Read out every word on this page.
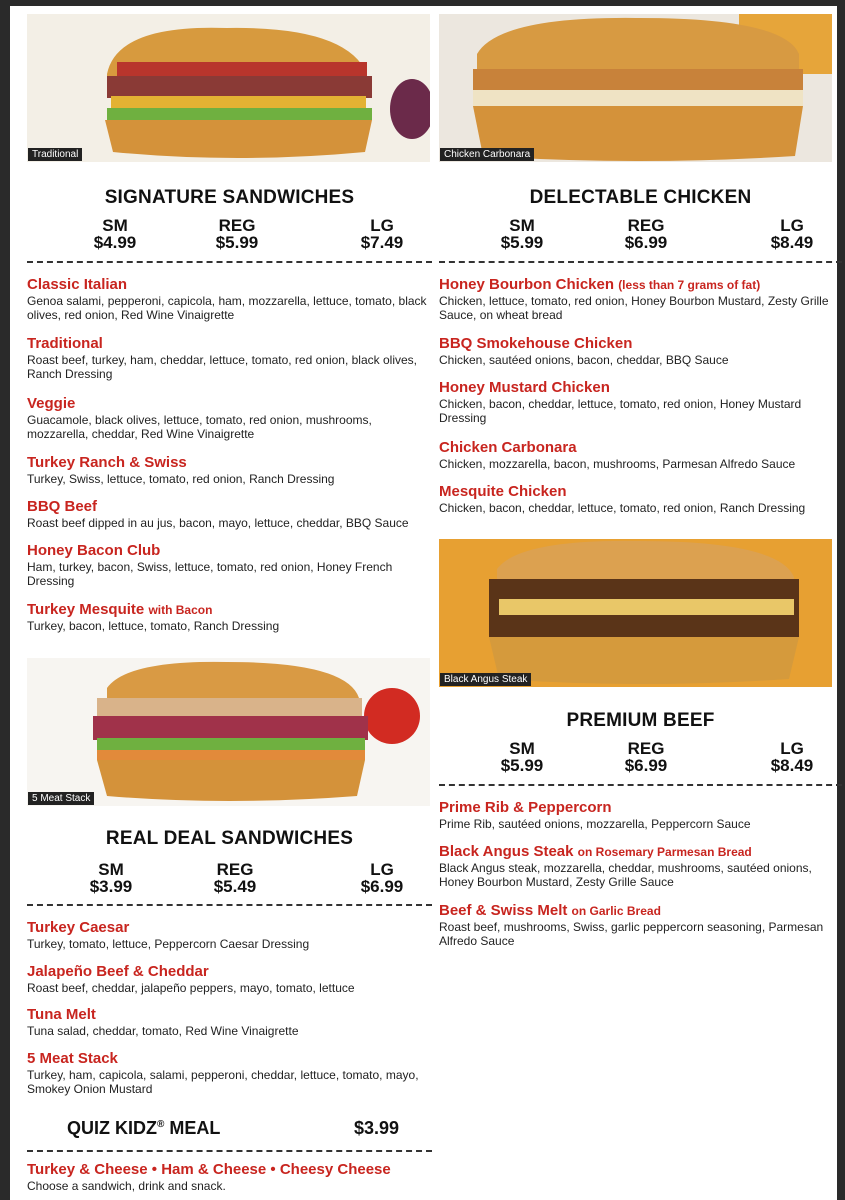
Traditional
SIGNATURE SANDWICHES
SM
$4.99
REG
$5.99
LG
$7.49
Classic Italian
Genoa salami, pepperoni, capicola, ham, mozzarella, lettuce, tomato, black olives, red onion, Red Wine Vinaigrette
Traditional
Roast beef, turkey, ham, cheddar, lettuce, tomato, red onion, black olives, Ranch Dressing
Veggie
Guacamole, black olives, lettuce, tomato, red onion, mushrooms, mozzarella, cheddar, Red Wine Vinaigrette
Turkey Ranch & Swiss
Turkey, Swiss, lettuce, tomato, red onion, Ranch Dressing
BBQ Beef
Roast beef dipped in au jus, bacon, mayo, lettuce, cheddar, BBQ Sauce
Honey Bacon Club
Ham, turkey, bacon, Swiss, lettuce, tomato, red onion, Honey French Dressing
Turkey Mesquite with Bacon
Turkey, bacon, lettuce, tomato, Ranch Dressing
5 Meat Stack
REAL DEAL SANDWICHES
SM
$3.99
REG
$5.49
LG
$6.99
Turkey Caesar
Turkey, tomato, lettuce, Peppercorn Caesar Dressing
Jalapeño Beef & Cheddar
Roast beef, cheddar, jalapeño peppers, mayo, tomato, lettuce
Tuna Melt
Tuna salad, cheddar, tomato, Red Wine Vinaigrette
5 Meat Stack
Turkey, ham, capicola, salami, pepperoni, cheddar, lettuce, tomato, mayo, Smokey Onion Mustard
QUIZ KIDZ® MEAL	$3.99
Turkey & Cheese • Ham & Cheese • Cheesy Cheese
Choose a sandwich, drink and snack.
Chicken Carbonara
DELECTABLE CHICKEN
SM
$5.99
REG
$6.99
LG
$8.49
Honey Bourbon Chicken (less than 7 grams of fat)
Chicken, lettuce, tomato, red onion, Honey Bourbon Mustard, Zesty Grille Sauce, on wheat bread
BBQ Smokehouse Chicken
Chicken, sautéed onions, bacon, cheddar, BBQ Sauce
Honey Mustard Chicken
Chicken, bacon, cheddar, lettuce, tomato, red onion, Honey Mustard Dressing
Chicken Carbonara
Chicken, mozzarella, bacon, mushrooms, Parmesan Alfredo Sauce
Mesquite Chicken
Chicken, bacon, cheddar, lettuce, tomato, red onion, Ranch Dressing
Black Angus Steak
PREMIUM BEEF
SM
$5.99
REG
$6.99
LG
$8.49
Prime Rib & Peppercorn
Prime Rib, sautéed onions, mozzarella, Peppercorn Sauce
Black Angus Steak on Rosemary Parmesan Bread
Black Angus steak, mozzarella, cheddar, mushrooms, sautéed onions, Honey Bourbon Mustard, Zesty Grille Sauce
Beef & Swiss Melt on Garlic Bread
Roast beef, mushrooms, Swiss, garlic peppercorn seasoning, Parmesan Alfredo Sauce
